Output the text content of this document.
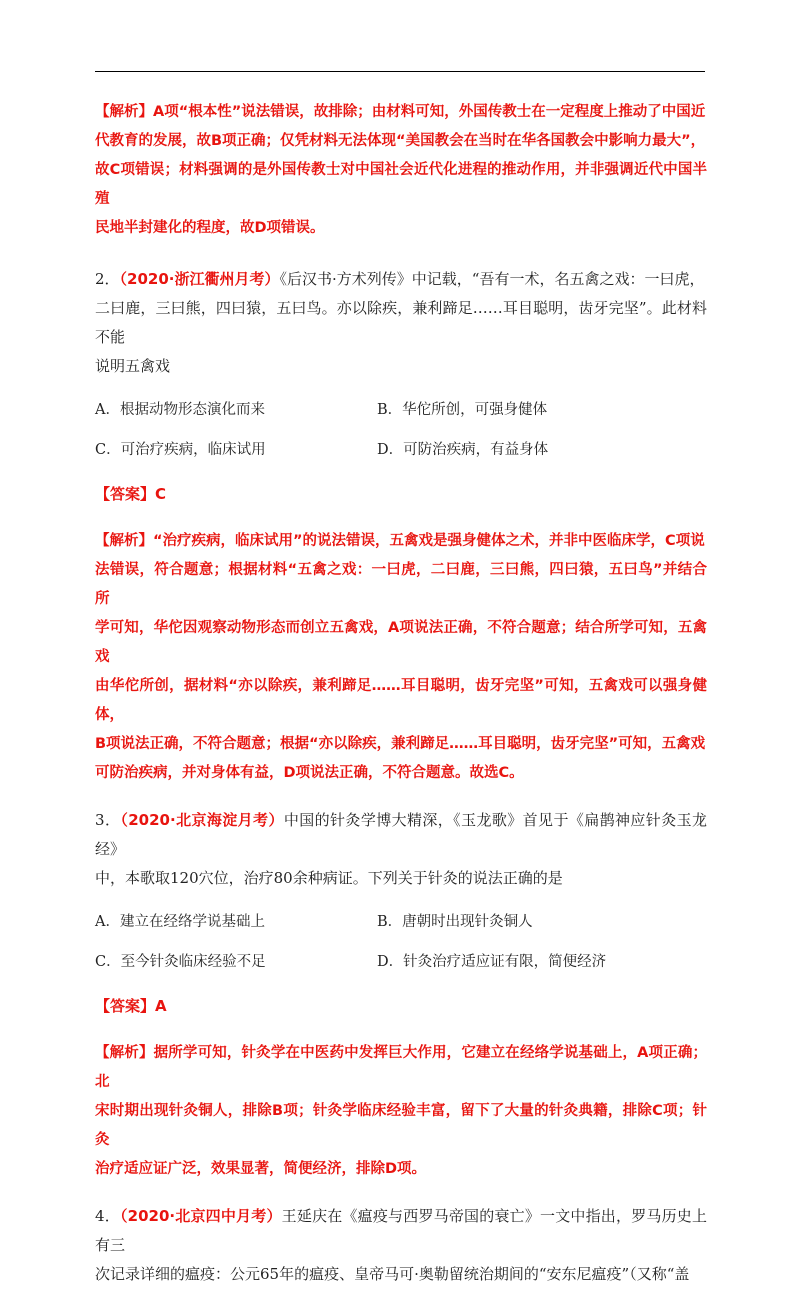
【解析】A项“根本性”说法错误，故排除；由材料可知，外国传教士在一定程度上推动了中国近
代教育的发展，故B项正确；仅凭材料无法体现“美国教会在当时在华各国教会中影响力最大”，
故C项错误；材料强调的是外国传教士对中国社会近代化进程的推动作用，并非强调近代中国半殖
民地半封建化的程度，故D项错误。

2．（2020·浙江衢州月考）《后汉书·方术列传》中记载，“吾有一术，名五禽之戏：一曰虎，
二曰鹿，三曰熊，四曰猿，五曰鸟。亦以除疾，兼利蹄足……耳目聪明，齿牙完坚”。此材料不能
说明五禽戏

A．根据动物形态演化而来	B．华佗所创，可强身健体
C．可治疗疾病，临床试用	D．可防治疾病，有益身体

【答案】C

【解析】“治疗疾病，临床试用”的说法错误，五禽戏是强身健体之术，并非中医临床学，C项说
法错误，符合题意；根据材料“五禽之戏：一曰虎，二曰鹿，三曰熊，四曰猿，五曰鸟”并结合所
学可知，华佗因观察动物形态而创立五禽戏，A项说法正确，不符合题意；结合所学可知，五禽戏
由华佗所创，据材料“亦以除疾，兼利蹄足……耳目聪明，齿牙完坚”可知，五禽戏可以强身健体，
B项说法正确，不符合题意；根据“亦以除疾，兼利蹄足……耳目聪明，齿牙完坚”可知，五禽戏
可防治疾病，并对身体有益，D项说法正确，不符合题意。故选C。

3．（2020·北京海淀月考）中国的针灸学博大精深，《玉龙歌》首见于《扁鹊神应针灸玉龙经》
中，本歌取120穴位，治疗80余种病证。下列关于针灸的说法正确的是

A．建立在经络学说基础上	B．唐朝时出现针灸铜人
C．至今针灸临床经验不足	D．针灸治疗适应证有限，简便经济

【答案】A

【解析】据所学可知，针灸学在中医药中发挥巨大作用，它建立在经络学说基础上，A项正确；北
宋时期出现针灸铜人，排除B项；针灸学临床经验丰富，留下了大量的针灸典籍，排除C项；针灸
治疗适应证广泛，效果显著，简便经济，排除D项。

4．（2020·北京四中月考）王延庆在《瘟疫与西罗马帝国的衰亡》一文中指出，罗马历史上有三
次记录详细的瘟疫：公元65年的瘟疫、皇帝马可·奥勒留统治期间的“安东尼瘟疫”（又称“盖
